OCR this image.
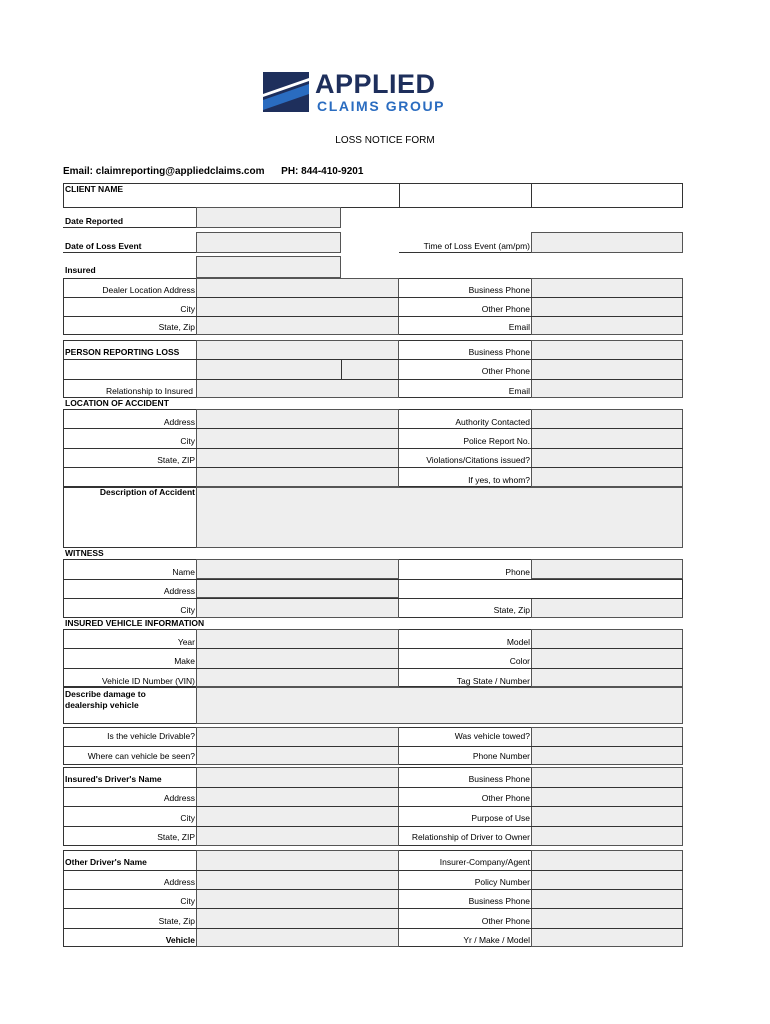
APPLIED
CLAIMS GROUP
LOSS NOTICE FORM
Email: claimreporting@appliedclaims.com PH: 844-410-9201
CLIENT NAME
Date Reported
Date of Loss Event	Time of Loss Event (am/pm)
Insured
Dealer Location Address	Business Phone
City	Other Phone
State, Zip	Email
PERSON REPORTING LOSS	Business Phone
Other Phone
Relationship to Insured	Email
LOCATION OF ACCIDENT
Address	Authority Contacted
City	Police Report No.
State, ZIP	Violations/Citations issued?
If yes, to whom?
Description of Accident
WITNESS
Name	Phone
Address
City	State, Zip
INSURED VEHICLE INFORMATION
Year	Model
Make	Color
Vehicle ID Number (VIN)	Tag State / Number
Describe damage to
dealership vehicle
Is the vehicle Drivable?	Was vehicle towed?
Where can vehicle be seen?	Phone Number
Insured's Driver's Name	Business Phone
Address	Other Phone
City	Purpose of Use
State, ZIP	Relationship of Driver to Owner
Other Driver's Name	Insurer-Company/Agent
Address	Policy Number
City	Business Phone
State, Zip	Other Phone
Vehicle	Yr / Make / Model
